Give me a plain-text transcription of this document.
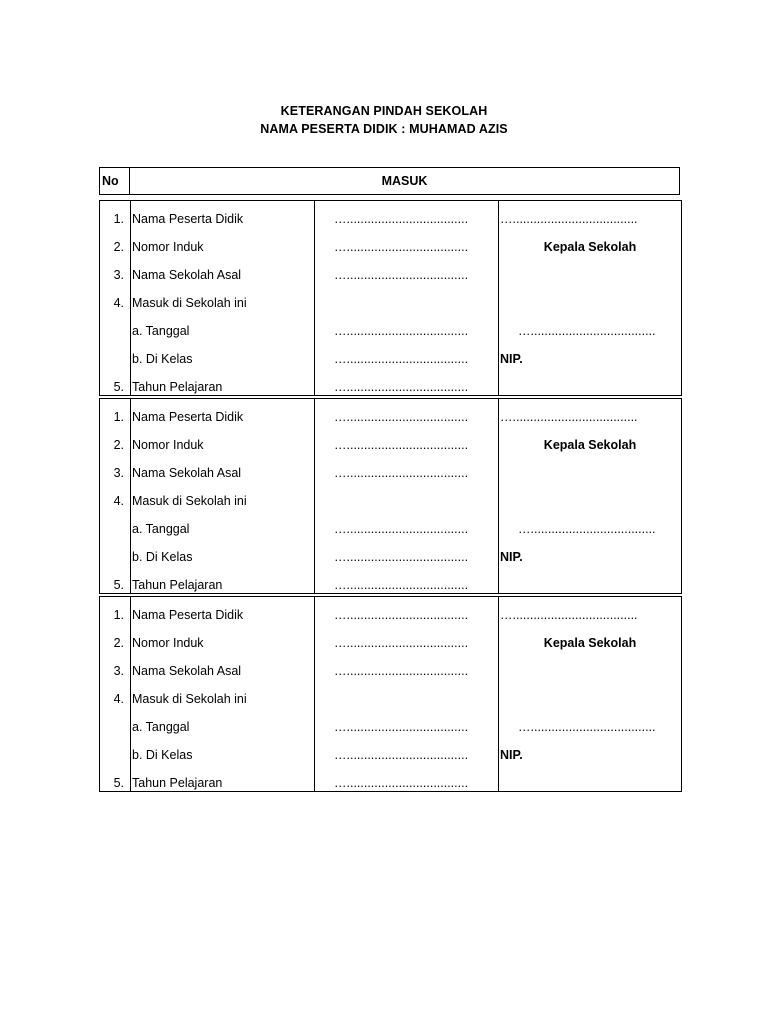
KETERANGAN PINDAH SEKOLAH
NAMA PESERTA DIDIK : MUHAMAD AZIS
No	MASUK
1. Nama Peserta Didik	…...................................	…....................................
2. Nomor Induk	…...................................	Kepala Sekolah
3. Nama Sekolah Asal	…...................................
4. Masuk di Sekolah ini
a. Tanggal	…...................................	…....................................
b. Di Kelas	…...................................	NIP.
5. Tahun Pelajaran	…...................................
1. Nama Peserta Didik	…...................................	…....................................
2. Nomor Induk	…...................................	Kepala Sekolah
3. Nama Sekolah Asal	…...................................
4. Masuk di Sekolah ini
a. Tanggal	…...................................	…....................................
b. Di Kelas	…...................................	NIP.
5. Tahun Pelajaran	…...................................
1. Nama Peserta Didik	…...................................	…....................................
2. Nomor Induk	…...................................	Kepala Sekolah
3. Nama Sekolah Asal	…...................................
4. Masuk di Sekolah ini
a. Tanggal	…...................................	…....................................
b. Di Kelas	…...................................	NIP.
5. Tahun Pelajaran	…...................................
